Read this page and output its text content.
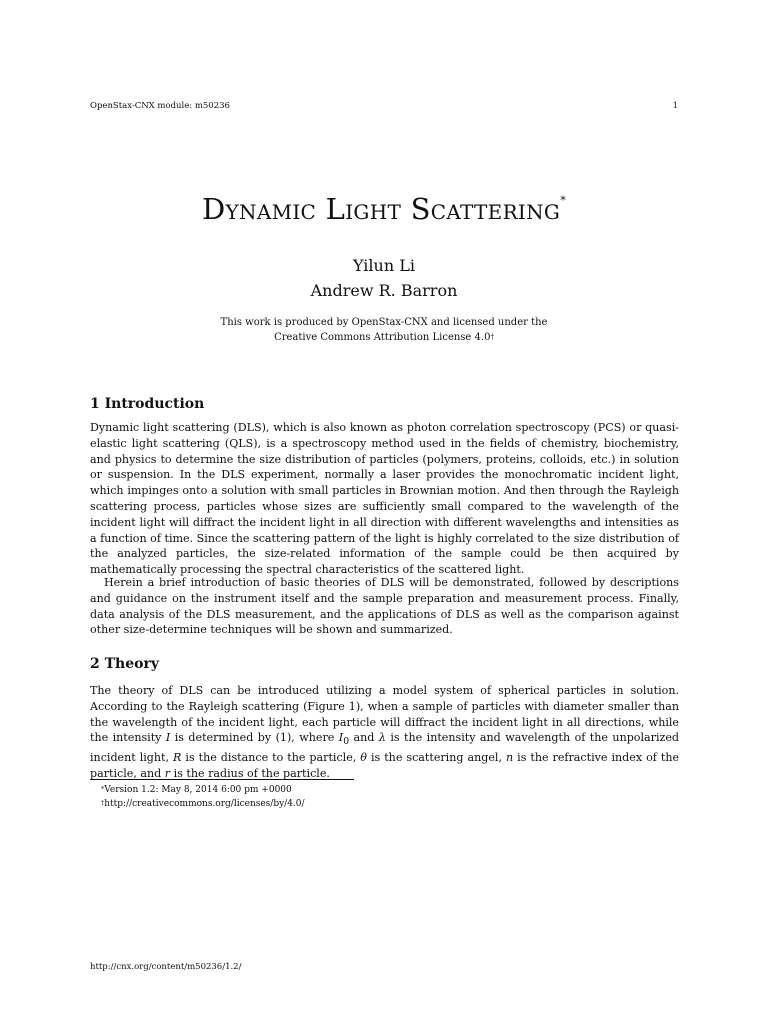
OpenStax-CNX module: m50236	1
Dynamic Light Scattering*
Yilun Li
Andrew R. Barron
This work is produced by OpenStax-CNX and licensed under the
Creative Commons Attribution License 4.0†
1 Introduction

Dynamic light scattering (DLS), which is also known as photon correlation spectroscopy (PCS) or quasi-elastic light scattering (QLS), is a spectroscopy method used in the fields of chemistry, biochemistry, and physics to determine the size distribution of particles (polymers, proteins, colloids, etc.) in solution or suspension. In the DLS experiment, normally a laser provides the monochromatic incident light, which impinges onto a solution with small particles in Brownian motion. And then through the Rayleigh scattering process, particles whose sizes are sufficiently small compared to the wavelength of the incident light will diffract the incident light in all direction with different wavelengths and intensities as a function of time. Since the scattering pattern of the light is highly correlated to the size distribution of the analyzed particles, the size-related information of the sample could be then acquired by mathematically processing the spectral characteristics of the scattered light.

Herein a brief introduction of basic theories of DLS will be demonstrated, followed by descriptions and guidance on the instrument itself and the sample preparation and measurement process. Finally, data analysis of the DLS measurement, and the applications of DLS as well as the comparison against other size-determine techniques will be shown and summarized.

2 Theory

The theory of DLS can be introduced utilizing a model system of spherical particles in solution. According to the Rayleigh scattering (Figure 1), when a sample of particles with diameter smaller than the wavelength of the incident light, each particle will diffract the incident light in all directions, while the intensity I is determined by (1), where $I_0$ and λ is the intensity and wavelength of the unpolarized incident light, R is the distance to the particle, θ is the scattering angel, n is the refractive index of the particle, and r is the radius of the particle.

*Version 1.2: May 8, 2014 6:00 pm +0000
†http://creativecommons.org/licenses/by/4.0/
http://cnx.org/content/m50236/1.2/
